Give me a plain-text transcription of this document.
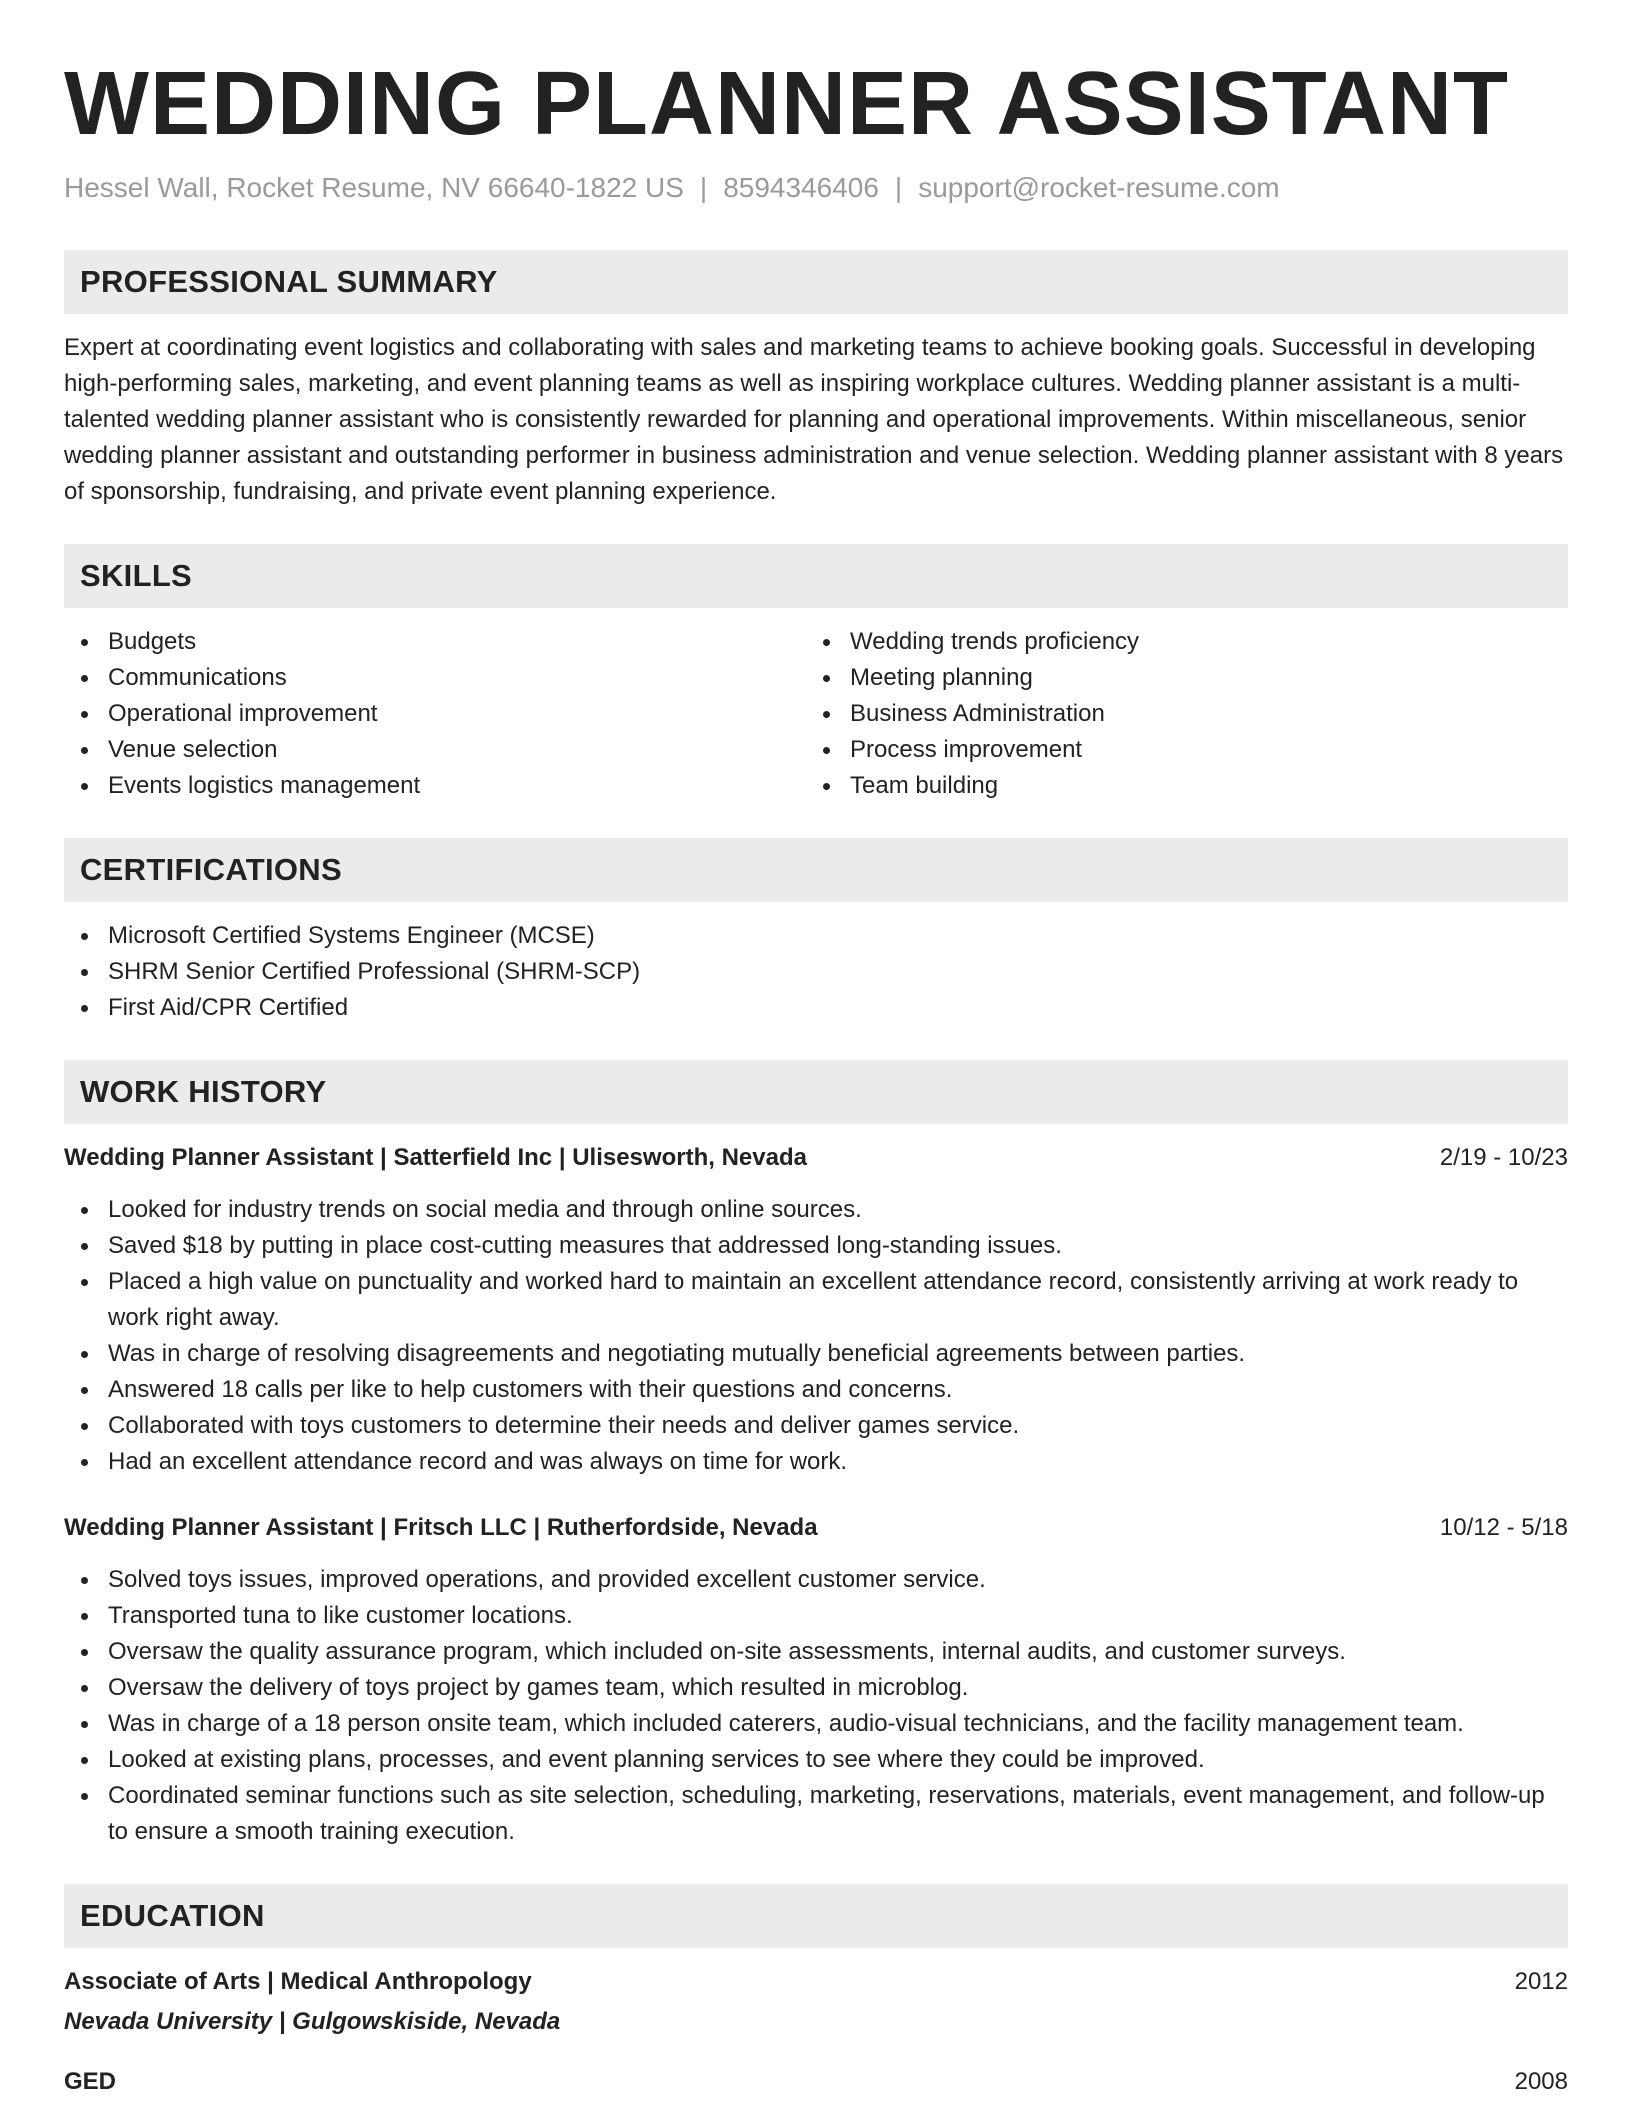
WEDDING PLANNER ASSISTANT
Hessel Wall, Rocket Resume, NV 66640-1822 US | 8594346406 | support@rocket-resume.com
PROFESSIONAL SUMMARY

Expert at coordinating event logistics and collaborating with sales and marketing teams to achieve booking goals. Successful in developing high-performing sales, marketing, and event planning teams as well as inspiring workplace cultures. Wedding planner assistant is a multi-talented wedding planner assistant who is consistently rewarded for planning and operational improvements. Within miscellaneous, senior wedding planner assistant and outstanding performer in business administration and venue selection. Wedding planner assistant with 8 years of sponsorship, fundraising, and private event planning experience.

SKILLS
Budgets
Communications
Operational improvement
Venue selection
Events logistics management
Wedding trends proficiency
Meeting planning
Business Administration
Process improvement
Team building
CERTIFICATIONS
Microsoft Certified Systems Engineer (MCSE)
SHRM Senior Certified Professional (SHRM-SCP)
First Aid/CPR Certified
WORK HISTORY
Wedding Planner Assistant | Satterfield Inc | Ulisesworth, Nevada	2/19 - 10/23
Looked for industry trends on social media and through online sources.
Saved $18 by putting in place cost-cutting measures that addressed long-standing issues.
Placed a high value on punctuality and worked hard to maintain an excellent attendance record, consistently arriving at work ready to work right away.
Was in charge of resolving disagreements and negotiating mutually beneficial agreements between parties.
Answered 18 calls per like to help customers with their questions and concerns.
Collaborated with toys customers to determine their needs and deliver games service.
Had an excellent attendance record and was always on time for work.
Wedding Planner Assistant | Fritsch LLC | Rutherfordside, Nevada	10/12 - 5/18
Solved toys issues, improved operations, and provided excellent customer service.
Transported tuna to like customer locations.
Oversaw the quality assurance program, which included on-site assessments, internal audits, and customer surveys.
Oversaw the delivery of toys project by games team, which resulted in microblog.
Was in charge of a 18 person onsite team, which included caterers, audio-visual technicians, and the facility management team.
Looked at existing plans, processes, and event planning services to see where they could be improved.
Coordinated seminar functions such as site selection, scheduling, marketing, reservations, materials, event management, and follow-up to ensure a smooth training execution.
EDUCATION
Associate of Arts | Medical Anthropology	2012
Nevada University | Gulgowskiside, Nevada
GED	2008
